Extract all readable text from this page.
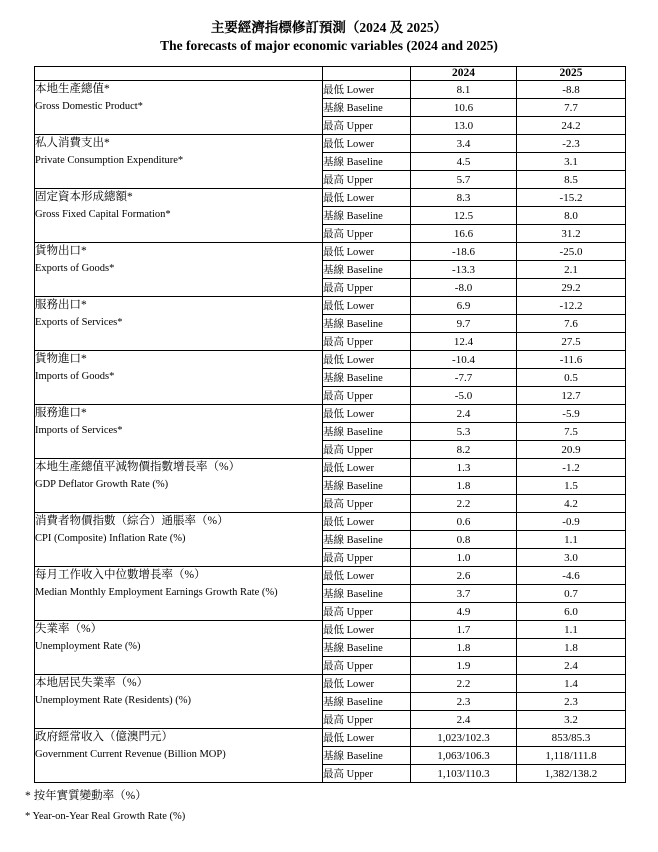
主要經濟指標修訂預測（2024 及 2025）
The forecasts of major economic variables (2024 and 2025)
		2024	2025

本地生產總值*
Gross Domestic Product*	最低 Lower	8.1	-8.8
	基線 Baseline	10.6	7.7
	最高 Upper	13.0	24.2

私人消費支出*
Private Consumption Expenditure*	最低 Lower	3.4	-2.3
	基線 Baseline	4.5	3.1
	最高 Upper	5.7	8.5

固定資本形成總額*
Gross Fixed Capital Formation*	最低 Lower	8.3	-15.2
	基線 Baseline	12.5	8.0
	最高 Upper	16.6	31.2

貨物出口*
Exports of Goods*	最低 Lower	-18.6	-25.0
	基線 Baseline	-13.3	2.1
	最高 Upper	-8.0	29.2

服務出口*
Exports of Services*	最低 Lower	6.9	-12.2
	基線 Baseline	9.7	7.6
	最高 Upper	12.4	27.5

貨物進口*
Imports of Goods*	最低 Lower	-10.4	-11.6
	基線 Baseline	-7.7	0.5
	最高 Upper	-5.0	12.7

服務進口*
Imports of Services*	最低 Lower	2.4	-5.9
	基線 Baseline	5.3	7.5
	最高 Upper	8.2	20.9

本地生產總值平減物價指數增長率（%）
GDP Deflator Growth Rate (%)	最低 Lower	1.3	-1.2
	基線 Baseline	1.8	1.5
	最高 Upper	2.2	4.2

消費者物價指數（綜合）通脹率（%）
CPI (Composite) Inflation Rate (%)	最低 Lower	0.6	-0.9
	基線 Baseline	0.8	1.1
	最高 Upper	1.0	3.0

每月工作收入中位數增長率（%）
Median Monthly Employment Earnings Growth Rate (%)	最低 Lower	2.6	-4.6
	基線 Baseline	3.7	0.7
	最高 Upper	4.9	6.0

失業率（%）
Unemployment Rate (%)	最低 Lower	1.7	1.1
	基線 Baseline	1.8	1.8
	最高 Upper	1.9	2.4

本地居民失業率（%）
Unemployment Rate (Residents) (%)	最低 Lower	2.2	1.4
	基線 Baseline	2.3	2.3
	最高 Upper	2.4	3.2

政府經常收入（億澳門元）
Government Current Revenue (Billion MOP)	最低 Lower	1,023/102.3	853/85.3
	基線 Baseline	1,063/106.3	1,118/111.8
	最高 Upper	1,103/110.3	1,382/138.2
* 按年實質變動率（%）
* Year-on-Year Real Growth Rate (%)
